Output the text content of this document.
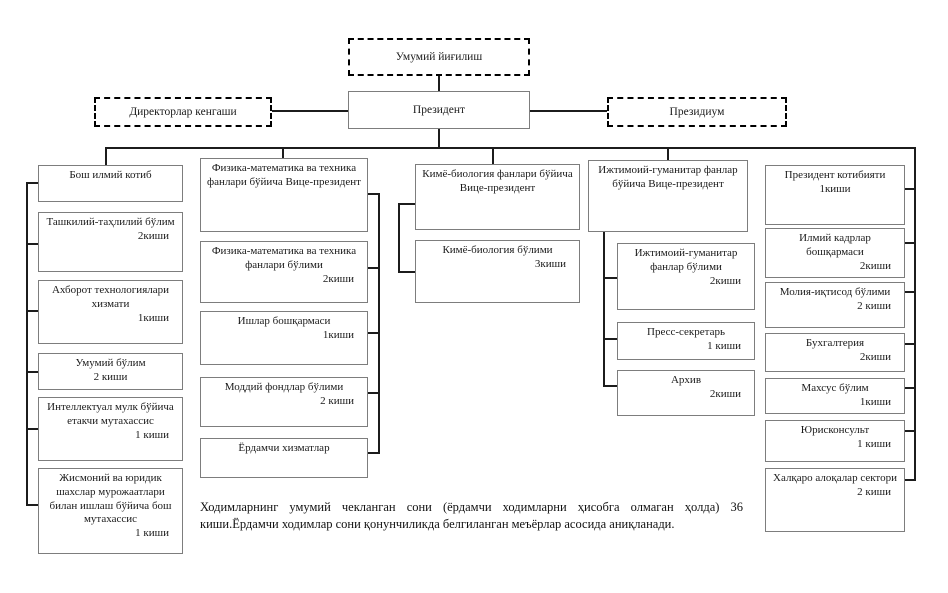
Умумий йиғилиш
Президент
Директорлар кенгаши	Президиум
Бош илмий котиб
Ташкилий-таҳлилий бўлим
2киши
Ахборот технологиялари хизмати
1киши
Умумий бўлим
2 киши
Интеллектуал мулк бўйича етакчи мутахассис
1 киши
Жисмоний ва юридик шахслар мурожаатлари билан ишлаш бўйича бош мутахассис
1 киши
Физика-математика ва техника фанлари бўйича Вице-президент
Физика-математика ва техника фанлари бўлими
2киши
Ишлар бошқармаси
1киши
Моддий фондлар бўлими
2 киши
Ёрдамчи хизматлар
Кимё-биология фанлари бўйича Вице-президент
Кимё-биология бўлими
3киши
Ижтимоий-гуманитар фанлар бўйича Вице-президент
Ижтимоий-гуманитар фанлар бўлими
2киши
Пресс-секретарь
1 киши
Архив
2киши
Президент котибияти
1киши
Илмий кадрлар бошқармаси
2киши
Молия-иқтисод бўлими
2 киши
Бухгалтерия
2киши
Махсус бўлим
1киши
Юрисконсульт
1 киши
Халқаро алоқалар сектори
2 киши
Ходимларнинг умумий чекланган сони (ёрдамчи ходимларни ҳисобга олмаган ҳолда) 36
киши.Ёрдамчи ходимлар сони қонунчиликда белгиланган меъёрлар асосида аниқланади.
